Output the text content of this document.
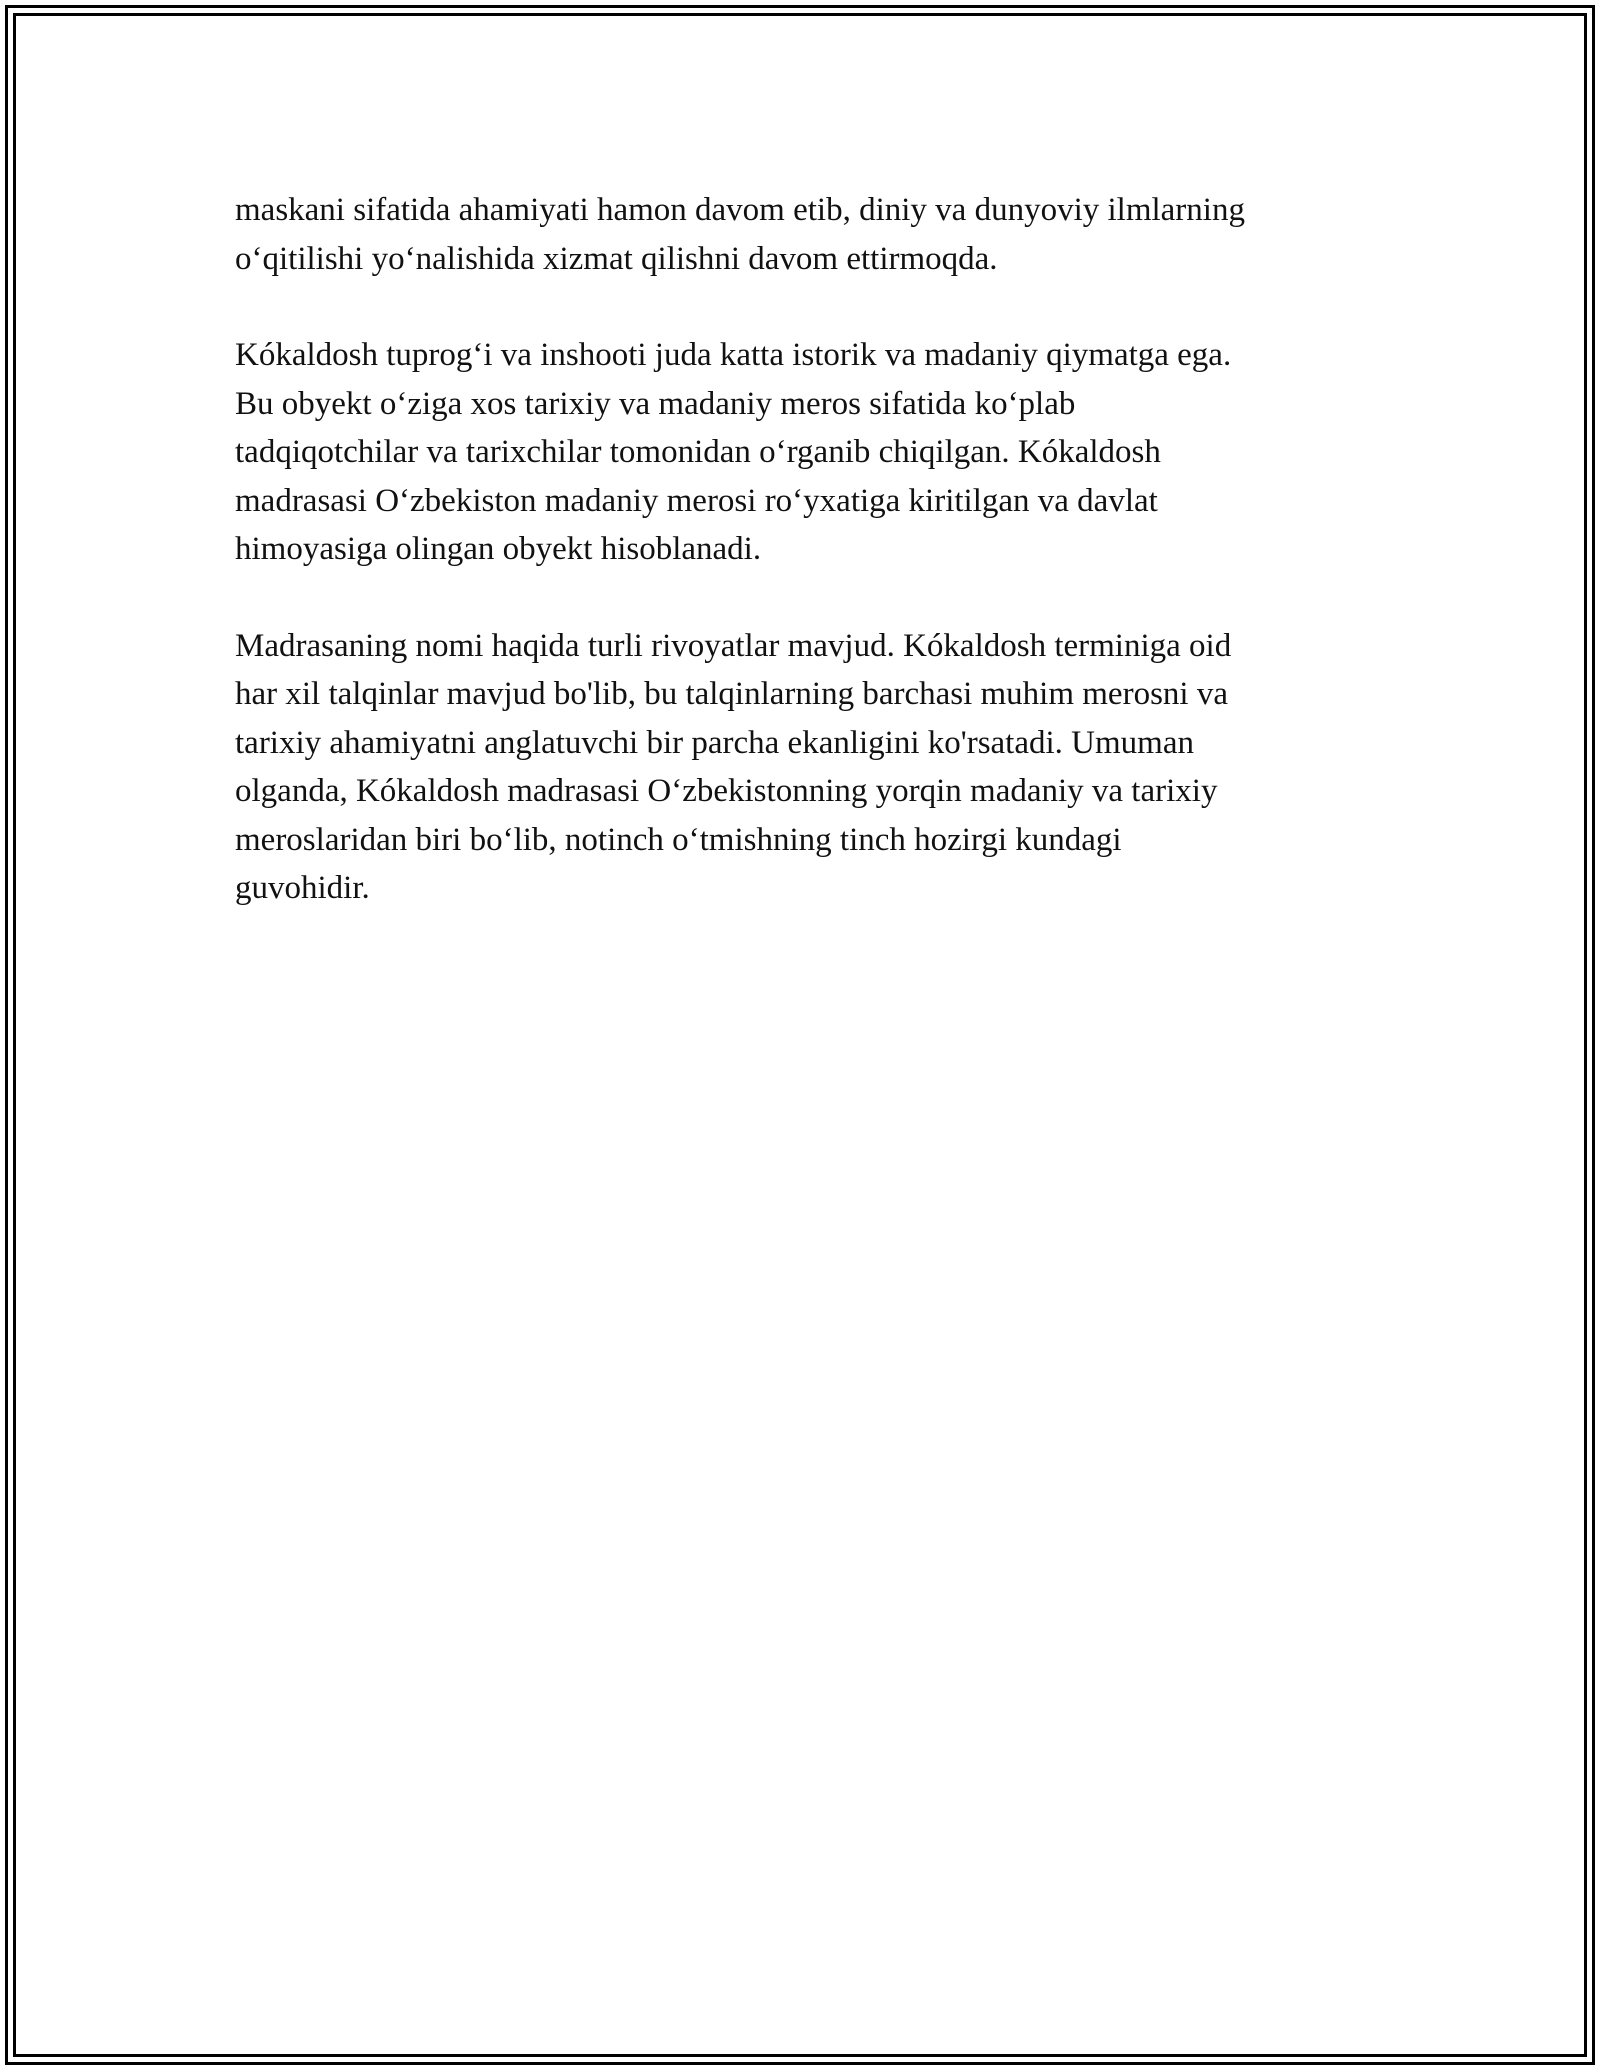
maskani sifatida ahamiyati hamon davom etib, diniy va dunyoviy ilmlarning
o‘qitilishi yo‘nalishida xizmat qilishni davom ettirmoqda.

Kókaldosh tuprog‘i va inshooti juda katta istorik va madaniy qiymatga ega.
Bu obyekt o‘ziga xos tarixiy va madaniy meros sifatida ko‘plab
tadqiqotchilar va tarixchilar tomonidan o‘rganib chiqilgan. Kókaldosh
madrasasi O‘zbekiston madaniy merosi ro‘yxatiga kiritilgan va davlat
himoyasiga olingan obyekt hisoblanadi.

Madrasaning nomi haqida turli rivoyatlar mavjud. Kókaldosh terminiga oid
har xil talqinlar mavjud bo'lib, bu talqinlarning barchasi muhim merosni va
tarixiy ahamiyatni anglatuvchi bir parcha ekanligini ko'rsatadi. Umuman
olganda, Kókaldosh madrasasi O‘zbekistonning yorqin madaniy va tarixiy
meroslaridan biri bo‘lib, notinch o‘tmishning tinch hozirgi kundagi
guvohidir.
